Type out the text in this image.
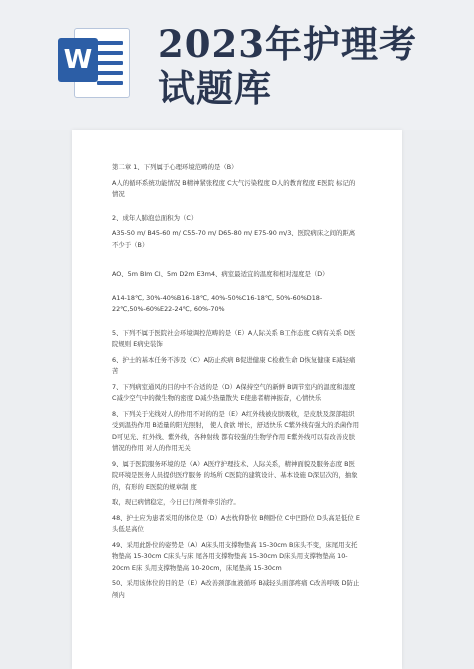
W 2023年护理考
试题库
第二章 1、下列属于心理环境范畴的是（B）
A人的循环系统功能情况 B精神紧张程度 C大气污染程度 D人的教育程度 E医院 标记的情况
2、成年人肺泡总面积为（C）
A35-50 m/ B45-60 m/ C55-70 m/ D65-80 m/ E75-90 m/3、医院病床之间的距离不少于（B）
AO、5m Blm Cl、5m D2m E3m4、病室最适宜的温度和相对湿度是（D）
A14-18℃, 30%-40%B16-18℃, 40%-50%C16-18℃, 50%-60%D18-22℃,50%-60%E22-24℃, 60%-70%
5、下列不属于医院社会环境调控范畴的是（E）A人际关系 B工作态度 C病有关系 D医院规则 E病史装饰
6、护士的基本任务不涉及（C）A防止疾病 B促进健康 C检救生命 D恢复健康 E减轻痛苦
7、下列病室通风的目的中不合适的是（D）A保持空气的新鲜 B调节室内的温度和湿度 C减少空气中的微生物的密度 D减少热量散失 E使患者精神振奋，心情快乐
8、下列关于光线对人的作用不对的的是（E）A红外线被皮肤吸收，是皮肤及深部组织受到温热作用 B适量的阳光照射， 使人食欲 增长，舒适快乐 C紫外线有强大的杀菌作用 D可见光、红外线、紫外线，各种射线 都有较强的生物学作用 E紫外线可以有改善皮肤情况的作用 对人的作用无关
9、属于医院服务环境的是（A）A医疗护理技术、人际关系，精神面貌及服务态度 B医院环境是医务人员提供医疗服务 的场所 C医院的建筑设计、基本设施 D深层次的，抽象的，有形的 E医院的规章制 度
取，现已病情稳定，今日已行颅骨牵引治疗。
48、护士应为患者采用的体位是（D）A去枕仰卧位 B侧卧位 C中凹卧位 D头高足低位 E头低足高位
49、采用此卧位的姿势是（A）A床头用支撑物垫高 15-30cm B床头不变，床尾用支托物垫高 15-30cm C床头与床 尾各用支撑物垫高 15-30cm D床头用支撑物垫高 10-20cm E床 头用支撑物垫高 10-20cm，床尾垫高 15-30cm
50、采用该体位的目的是（E）A改善颈部血液循环 B减轻头面部疼痛 C改善呼吸 D防止颅内
